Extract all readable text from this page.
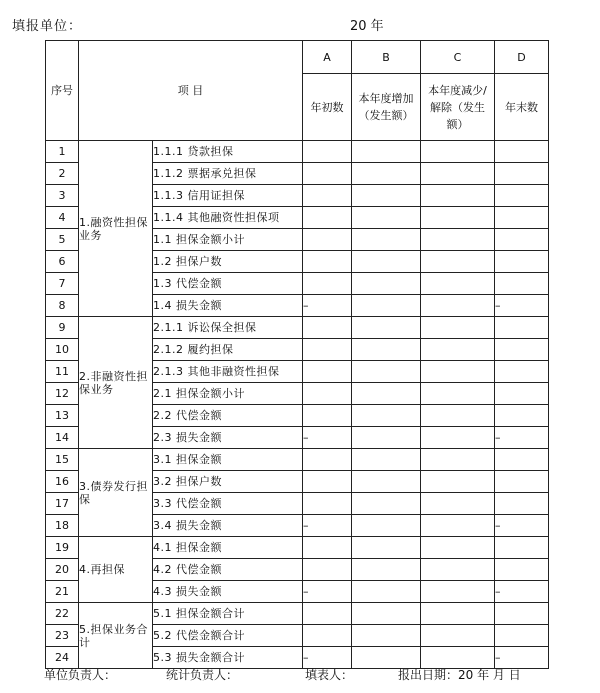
填报单位：	20 年
序号	项 目		A	B	C	D
			年初数	本年度增加（发生额）	本年度减少/解除（发生额）	年末数
1	1.融资性担保业务	1.1.1 贷款担保				
2		1.1.2 票据承兑担保				
3		1.1.3 信用证担保				
4		1.1.4 其他融资性担保项				
5		1.1 担保金额小计				
6		1.2 担保户数				
7		1.3 代偿金额				
8		1.4 损失金额	–			–
9	2.非融资性担保业务	2.1.1 诉讼保全担保				
10		2.1.2 履约担保				
11		2.1.3 其他非融资性担保				
12		2.1 担保金额小计				
13		2.2 代偿金额				
14		2.3 损失金额	–			–
15	3.债券发行担保	3.1 担保金额				
16		3.2 担保户数				
17		3.3 代偿金额				
18		3.4 损失金额	–			–
19	4.再担保	4.1 担保金额				
20		4.2 代偿金额				
21		4.3 损失金额	–			–
22	5.担保业务合计	5.1 担保金额合计				
23		5.2 代偿金额合计				
24		5.3 损失金额合计	–			–
单位负责人：	统计负责人：	填表人：	报出日期：20 年 月 日
